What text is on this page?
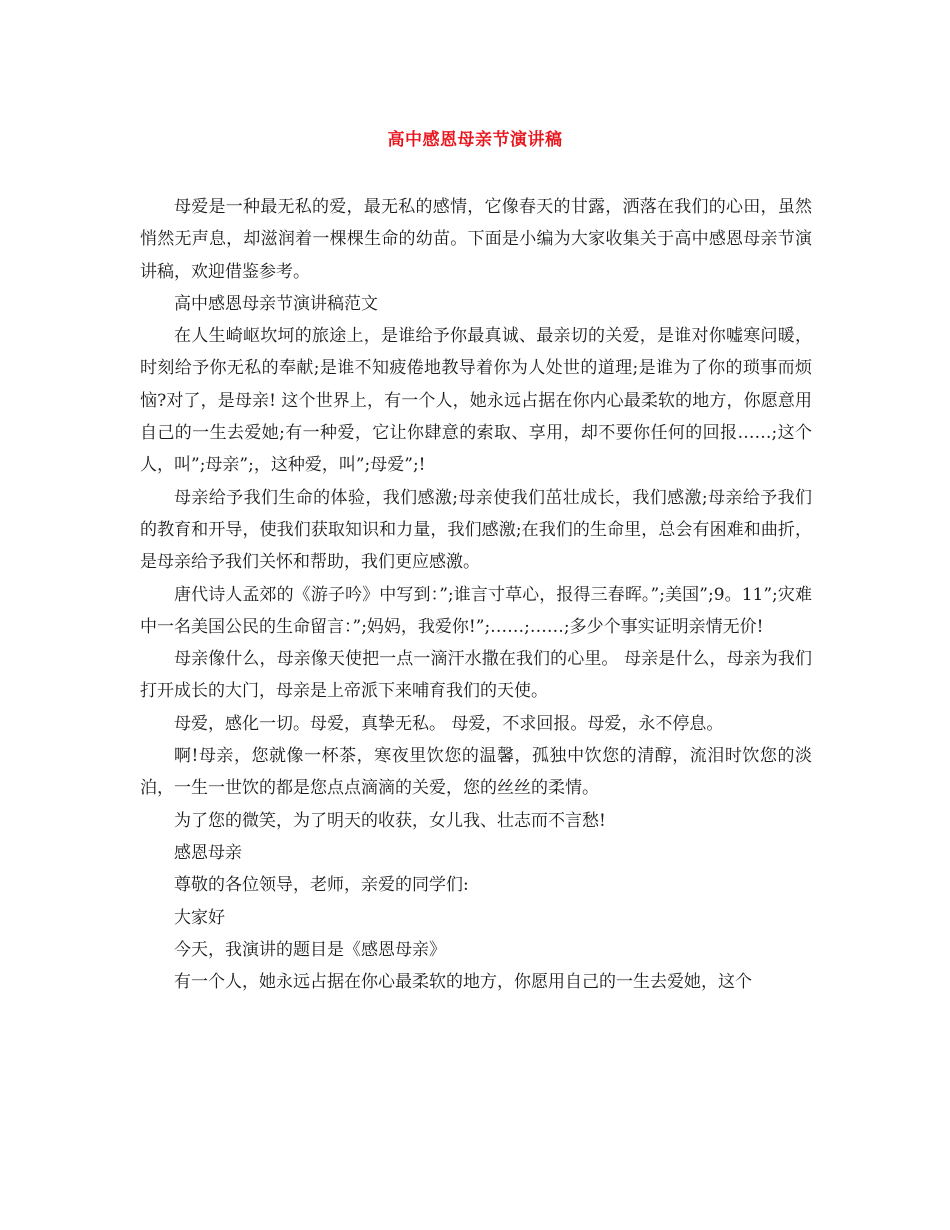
高中感恩母亲节演讲稿

母爱是一种最无私的爱，最无私的感情，它像春天的甘露，洒落在我们的心田，虽然悄然无声息，却滋润着一棵棵生命的幼苗。下面是小编为大家收集关于高中感恩母亲节演讲稿，欢迎借鉴参考。

高中感恩母亲节演讲稿范文

在人生崎岖坎坷的旅途上，是谁给予你最真诚、最亲切的关爱，是谁对你嘘寒问暖，时刻给予你无私的奉献;是谁不知疲倦地教导着你为人处世的道理;是谁为了你的琐事而烦恼?对了，是母亲! 这个世界上，有一个人，她永远占据在你内心最柔软的地方，你愿意用自己的一生去爱她;有一种爱，它让你肆意的索取、享用，却不要你任何的回报……;这个人，叫”;母亲”;，这种爱，叫”;母爱”;!

母亲给予我们生命的体验，我们感激;母亲使我们茁壮成长，我们感激;母亲给予我们的教育和开导，使我们获取知识和力量，我们感激;在我们的生命里，总会有困难和曲折，是母亲给予我们关怀和帮助，我们更应感激。

唐代诗人孟郊的《游子吟》中写到：”;谁言寸草心，报得三春晖。”;美国”;9。11”;灾难中一名美国公民的生命留言：”;妈妈，我爱你!”;……;……;多少个事实证明亲情无价!

母亲像什么，母亲像天使把一点一滴汗水撒在我们的心里。 母亲是什么，母亲为我们打开成长的大门，母亲是上帝派下来哺育我们的天使。

母爱，感化一切。母爱，真挚无私。 母爱，不求回报。母爱，永不停息。

啊!母亲，您就像一杯茶，寒夜里饮您的温馨，孤独中饮您的清醇，流泪时饮您的淡泊，一生一世饮的都是您点点滴滴的关爱，您的丝丝的柔情。

为了您的微笑，为了明天的收获，女儿我、壮志而不言愁!

感恩母亲

尊敬的各位领导，老师，亲爱的同学们:

大家好

今天，我演讲的题目是《感恩母亲》

有一个人，她永远占据在你心最柔软的地方，你愿用自己的一生去爱她，这个
